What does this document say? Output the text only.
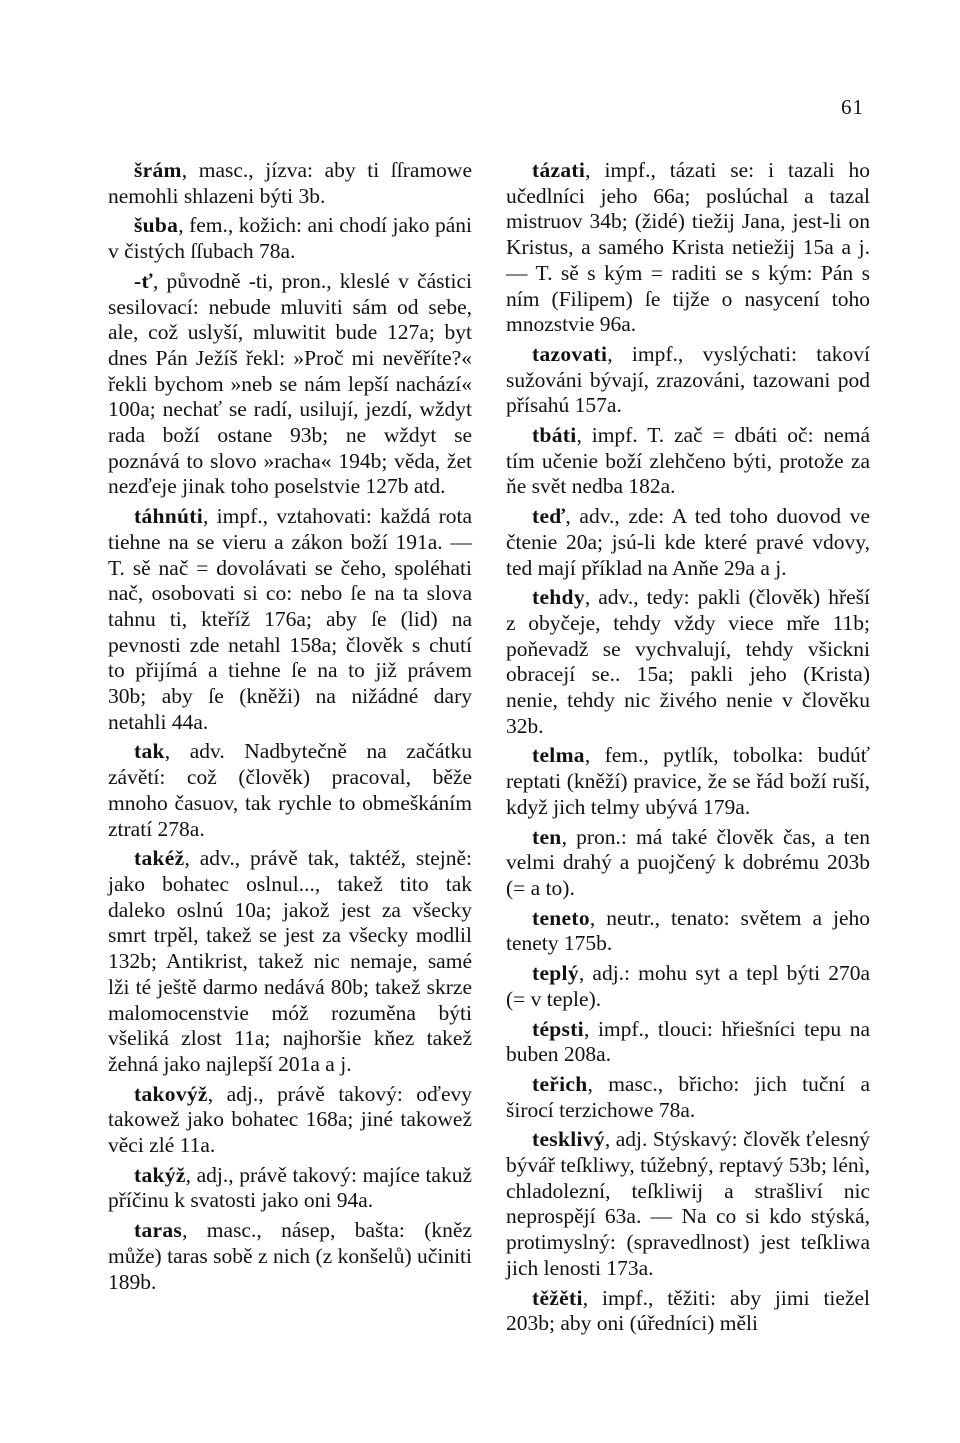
61

šrám, masc., jízva: aby ti ſſramowe nemohli shlazeni býti 3b.

šuba, fem., kožich: ani chodí jako páni v čistých ſſubach 78a.

-ť, původně -ti, pron., kleslé v částici sesilovací: nebude mluviti sám od sebe, ale, což uslyší, mluwitit bude 127a; byt dnes Pán Ježíš řekl: »Proč mi nevěříte?« řekli bychom »neb se nám lepší nachází« 100a; nechať se radí, usilují, jezdí, wždyt rada boží ostane 93b; ne wždyt se poznává to slovo »racha« 194b; věda, žet nezďeje jinak toho poselstvie 127b atd.

táhnúti, impf., vztahovati: každá rota tiehne na se vieru a zákon boží 191a. — T. sě nač = dovolávati se čeho, spoléhati nač, osobovati si co: nebo ſe na ta slova tahnu ti, kteříž 176a; aby ſe (lid) na pevnosti zde netahl 158a; člověk s chutí to přijímá a tiehne ſe na to již právem 30b; aby ſe (kněži) na nižádné dary netahli 44a.

tak, adv. Nadbytečně na začátku závětí: což (člověk) pracoval, běže mnoho časuov, tak rychle to obmeškáním ztratí 278a.

takéž, adv., právě tak, taktéž, stejně: jako bohatec oslnul..., takež tito tak daleko oslnú 10a; jakož jest za všecky smrt trpěl, takež se jest za všecky modlil 132b; Antikrist, takež nic nemaje, samé lži té ještě darmo nedává 80b; takež skrze malomocenstvie móž rozuměna býti všeliká zlost 11a; najhoršie kňez takež žehná jako najlepší 201a a j.

takovýž, adj., právě takový: oďevy takowež jako bohatec 168a; jiné takowež věci zlé 11a.

takýž, adj., právě takový: majíce takuž příčinu k svatosti jako oni 94a.

taras, masc., násep, bašta: (kněz může) taras sobě z nich (z konšelů) učiniti 189b.

tázati, impf., tázati se: i tazali ho učedlníci jeho 66a; poslúchal a tazal mistruov 34b; (židé) tiežij Jana, jest-li on Kristus, a samého Krista netiežij 15a a j. — T. sě s kým = raditi se s kým: Pán s ním (Filipem) ſe tijže o nasycení toho mnozstvie 96a.

tazovati, impf., vyslýchati: takoví sužováni bývají, zrazováni, tazowani pod přísahú 157a.

tbáti, impf. T. zač = dbáti oč: nemá tím učenie boží zlehčeno býti, protože za ňe svět nedba 182a.

teď, adv., zde: A ted toho duovod ve čtenie 20a; jsú-li kde které pravé vdovy, ted mají příklad na Anňe 29a a j.

tehdy, adv., tedy: pakli (člověk) hřeší z obyčeje, tehdy vždy viece mře 11b; poňevadž se vychvalují, tehdy všickni obracejí se.. 15a; pakli jeho (Krista) nenie, tehdy nic živého nenie v člověku 32b.

telma, fem., pytlík, tobolka: budúť reptati (kněží) pravice, že se řád boží ruší, když jich telmy ubývá 179a.

ten, pron.: má také člověk čas, a ten velmi drahý a puojčený k dobrému 203b (= a to).

teneto, neutr., tenato: světem a jeho tenety 175b.

teplý, adj.: mohu syt a tepl býti 270a (= v teple).

tépsti, impf., tlouci: hřiešníci tepu na buben 208a.

teřich, masc., břicho: jich tuční a širocí terzichowe 78a.

tesklivý, adj. Stýskavý: člověk ťelesný bývář teſkliwy, túžebný, reptavý 53b; lénì, chladolezní, teſkliwij a strašliví nic neprospějí 63a. — Na co si kdo stýská, protimyslný: (spravedlnost) jest teſkliwa jich lenosti 173a.

těžěti, impf., těžiti: aby jimi tiežel 203b; aby oni (úředníci) měli
